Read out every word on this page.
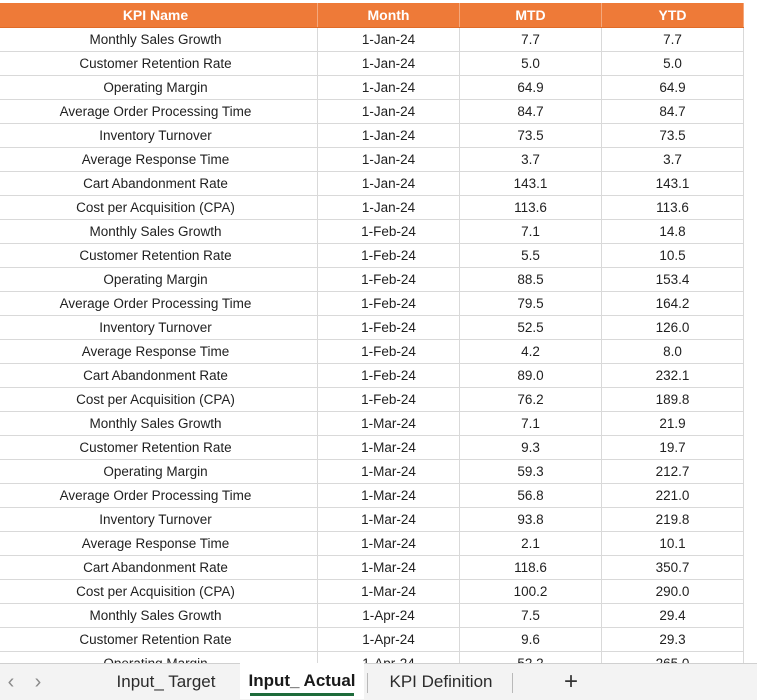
KPI Name	Month	MTD	YTD
Monthly Sales Growth	1-Jan-24	7.7	7.7
Customer Retention Rate	1-Jan-24	5.0	5.0
Operating Margin	1-Jan-24	64.9	64.9
Average Order Processing Time	1-Jan-24	84.7	84.7
Inventory Turnover	1-Jan-24	73.5	73.5
Average Response Time	1-Jan-24	3.7	3.7
Cart Abandonment Rate	1-Jan-24	143.1	143.1
Cost per Acquisition (CPA)	1-Jan-24	113.6	113.6
Monthly Sales Growth	1-Feb-24	7.1	14.8
Customer Retention Rate	1-Feb-24	5.5	10.5
Operating Margin	1-Feb-24	88.5	153.4
Average Order Processing Time	1-Feb-24	79.5	164.2
Inventory Turnover	1-Feb-24	52.5	126.0
Average Response Time	1-Feb-24	4.2	8.0
Cart Abandonment Rate	1-Feb-24	89.0	232.1
Cost per Acquisition (CPA)	1-Feb-24	76.2	189.8
Monthly Sales Growth	1-Mar-24	7.1	21.9
Customer Retention Rate	1-Mar-24	9.3	19.7
Operating Margin	1-Mar-24	59.3	212.7
Average Order Processing Time	1-Mar-24	56.8	221.0
Inventory Turnover	1-Mar-24	93.8	219.8
Average Response Time	1-Mar-24	2.1	10.1
Cart Abandonment Rate	1-Mar-24	118.6	350.7
Cost per Acquisition (CPA)	1-Mar-24	100.2	290.0
Monthly Sales Growth	1-Apr-24	7.5	29.4
Customer Retention Rate	1-Apr-24	9.6	29.3
‹	›	Input_ Target Input_ Actual KPI Definition	+
